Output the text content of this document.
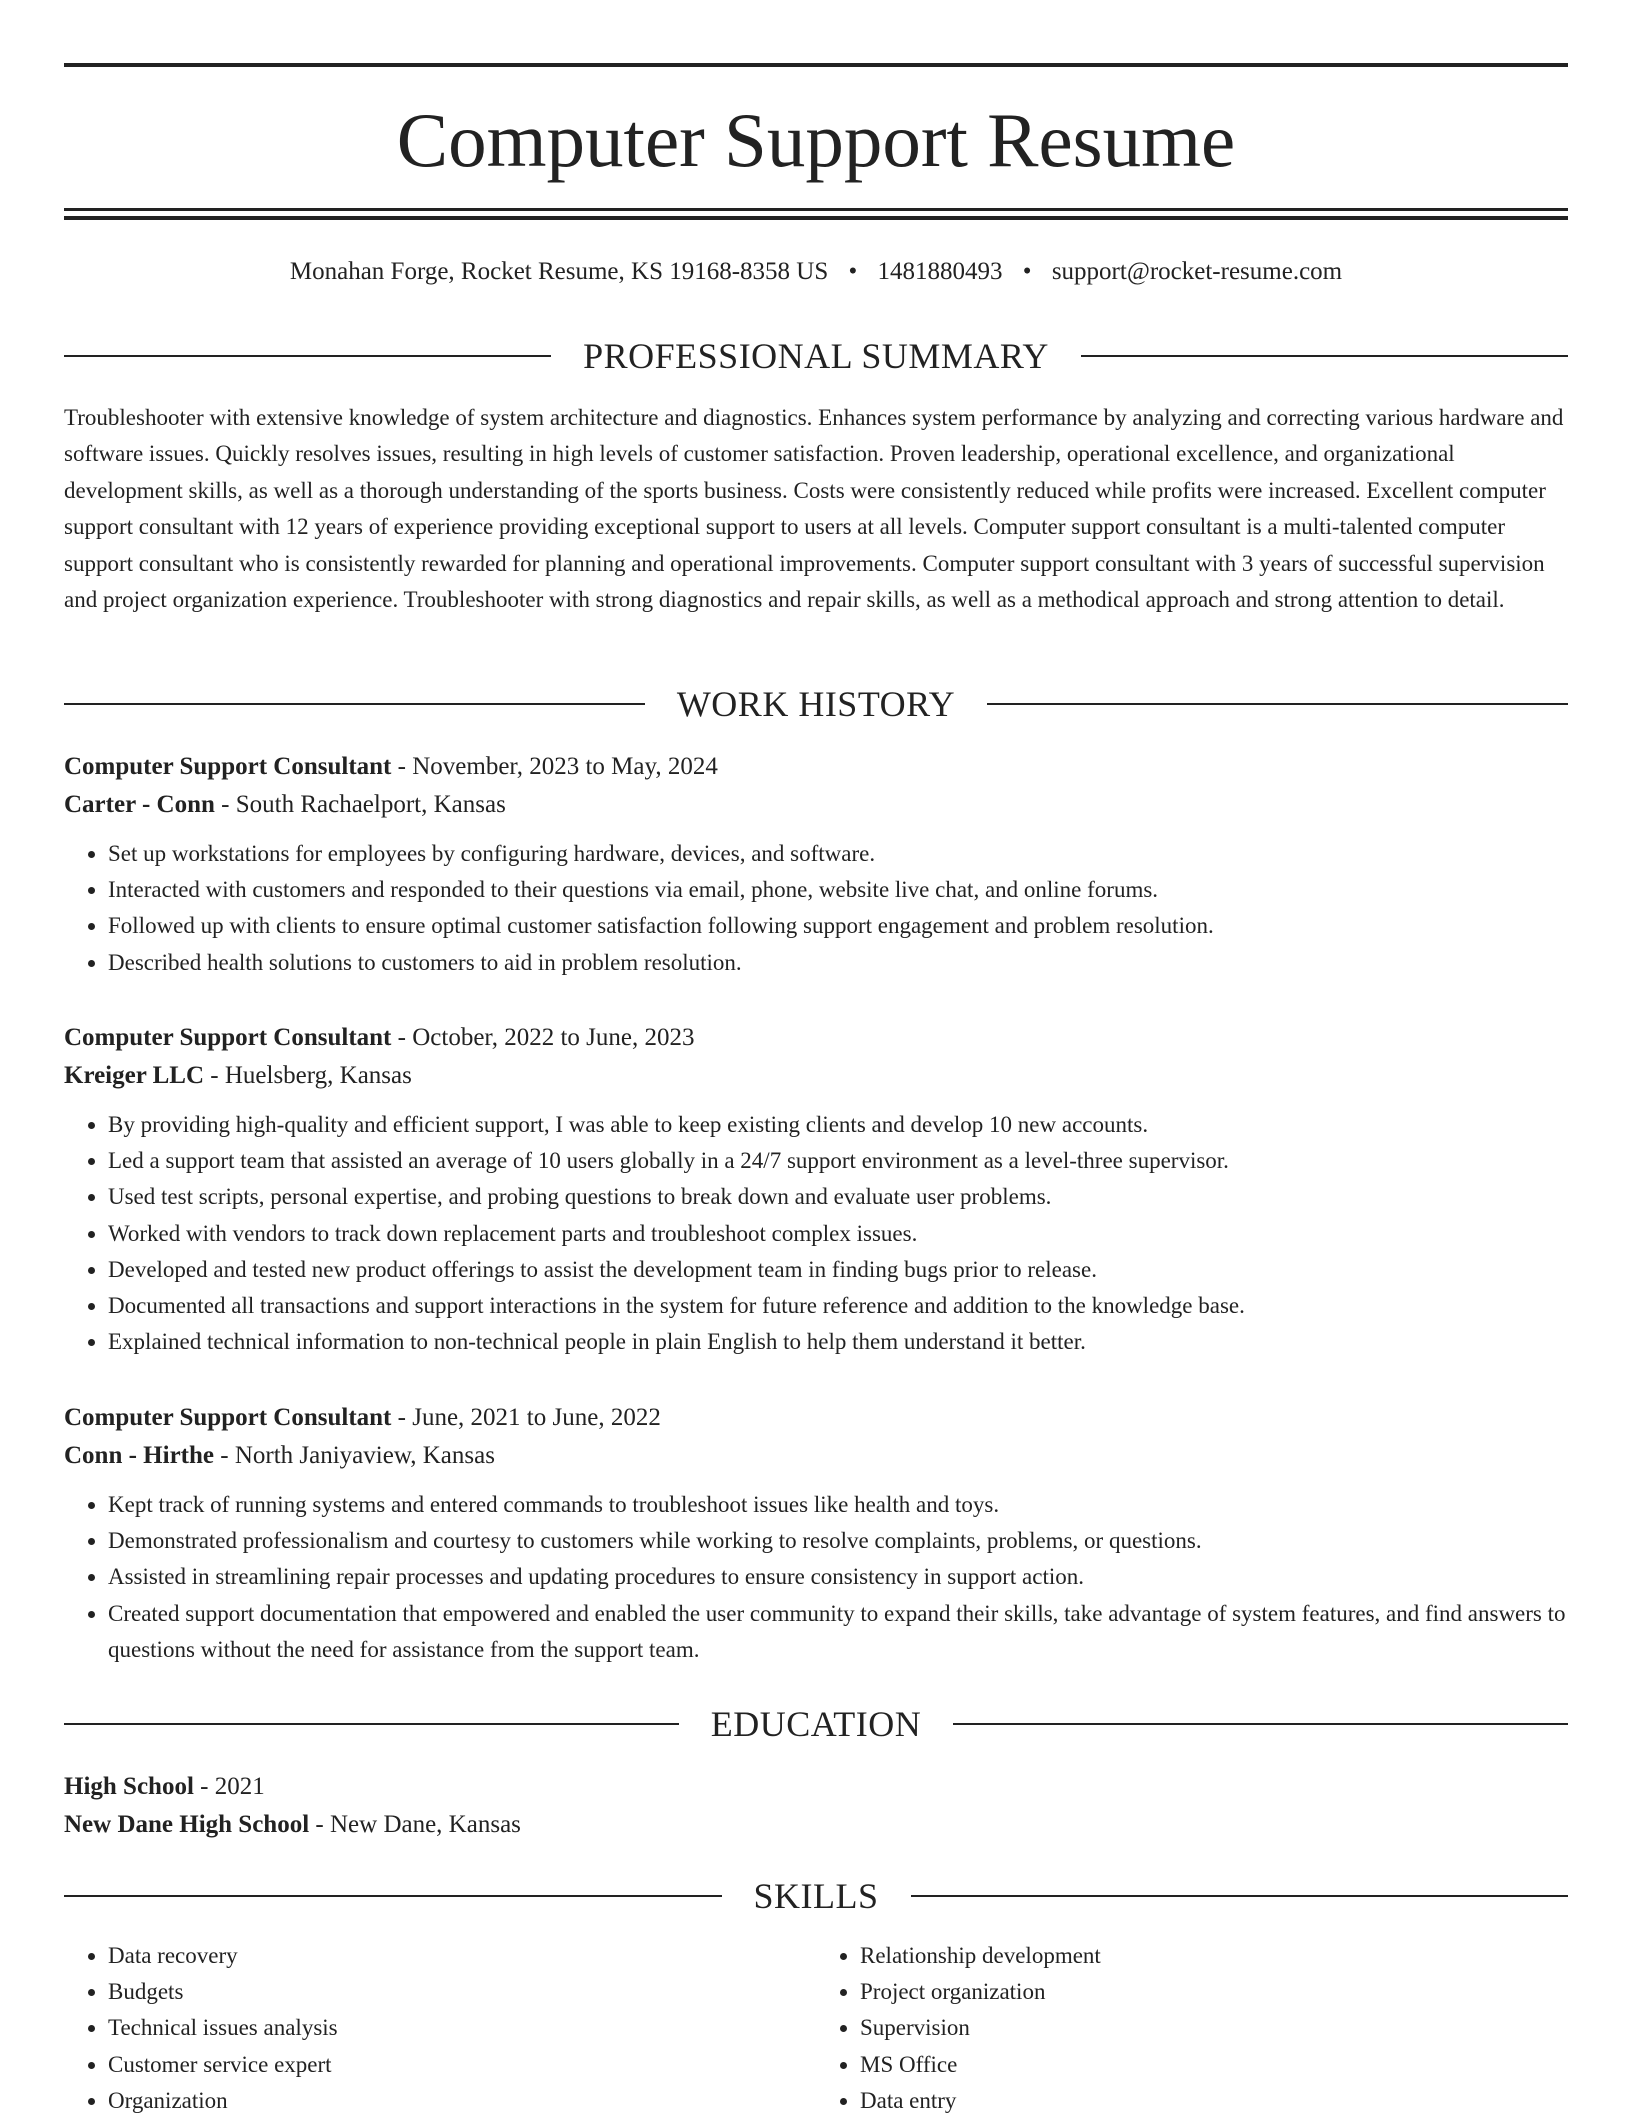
Computer Support Resume
Monahan Forge, Rocket Resume, KS 19168-8358 US • 1481880493 • support@rocket-resume.com
PROFESSIONAL SUMMARY

Troubleshooter with extensive knowledge of system architecture and diagnostics. Enhances system performance by analyzing and correcting various hardware and software issues. Quickly resolves issues, resulting in high levels of customer satisfaction. Proven leadership, operational excellence, and organizational development skills, as well as a thorough understanding of the sports business. Costs were consistently reduced while profits were increased. Excellent computer support consultant with 12 years of experience providing exceptional support to users at all levels. Computer support consultant is a multi-talented computer support consultant who is consistently rewarded for planning and operational improvements. Computer support consultant with 3 years of successful supervision and project organization experience. Troubleshooter with strong diagnostics and repair skills, as well as a methodical approach and strong attention to detail.

WORK HISTORY
Computer Support Consultant - November, 2023 to May, 2024
Carter - Conn - South Rachaelport, Kansas
• Set up workstations for employees by configuring hardware, devices, and software.
• Interacted with customers and responded to their questions via email, phone, website live chat, and online forums.
• Followed up with clients to ensure optimal customer satisfaction following support engagement and problem resolution.
• Described health solutions to customers to aid in problem resolution.
Computer Support Consultant - October, 2022 to June, 2023
Kreiger LLC - Huelsberg, Kansas
• By providing high-quality and efficient support, I was able to keep existing clients and develop 10 new accounts.
• Led a support team that assisted an average of 10 users globally in a 24/7 support environment as a level-three supervisor.
• Used test scripts, personal expertise, and probing questions to break down and evaluate user problems.
• Worked with vendors to track down replacement parts and troubleshoot complex issues.
• Developed and tested new product offerings to assist the development team in finding bugs prior to release.
• Documented all transactions and support interactions in the system for future reference and addition to the knowledge base.
• Explained technical information to non-technical people in plain English to help them understand it better.
Computer Support Consultant - June, 2021 to June, 2022
Conn - Hirthe - North Janiyaview, Kansas
• Kept track of running systems and entered commands to troubleshoot issues like health and toys.
• Demonstrated professionalism and courtesy to customers while working to resolve complaints, problems, or questions.
• Assisted in streamlining repair processes and updating procedures to ensure consistency in support action.
• Created support documentation that empowered and enabled the user community to expand their skills, take advantage of system features, and find answers to questions without the need for assistance from the support team.
EDUCATION
High School - 2021
New Dane High School - New Dane, Kansas
SKILLS
• Data recovery
• Budgets
• Technical issues analysis
• Customer service expert
• Organization
• Relationship development
• Project organization
• Supervision
• MS Office
• Data entry
